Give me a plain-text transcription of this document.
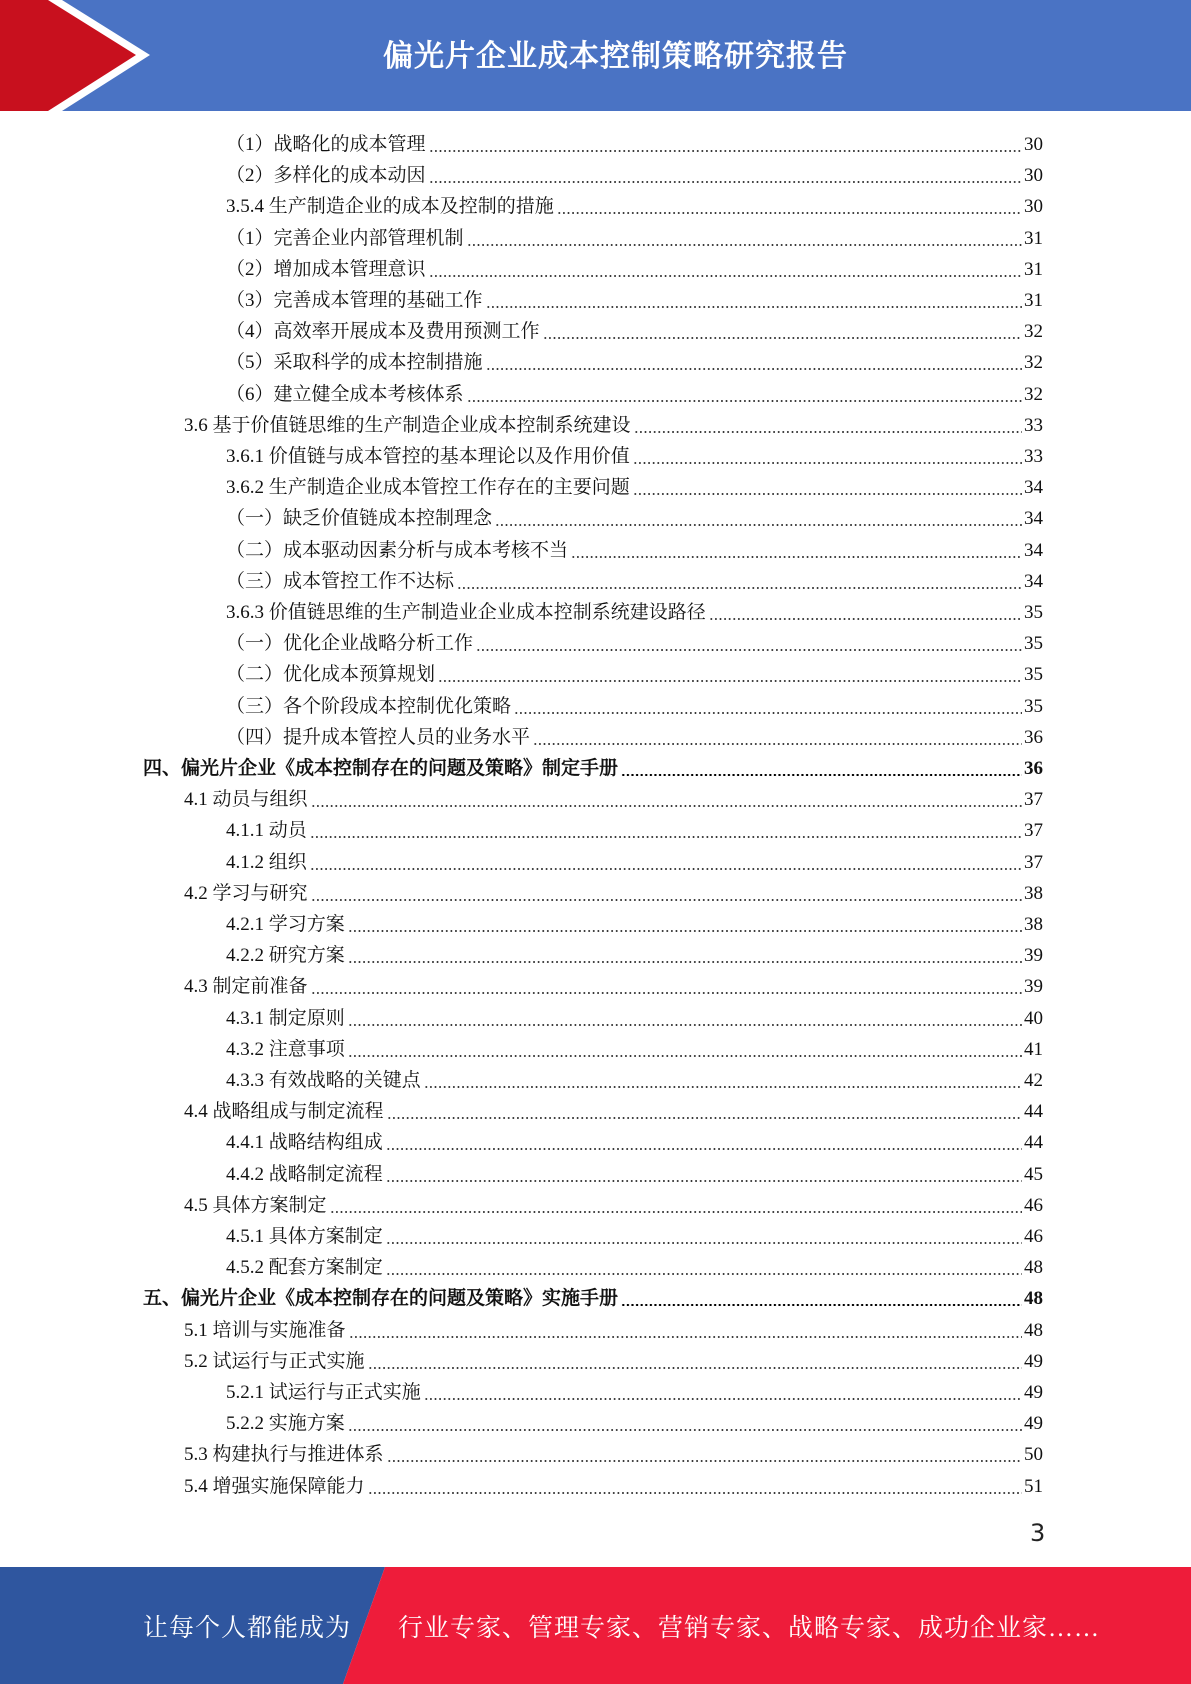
偏光片企业成本控制策略研究报告
（1）战略化的成本管理	30
（2）多样化的成本动因	30
3.5.4 生产制造企业的成本及控制的措施	30
（1）完善企业内部管理机制	31
（2）增加成本管理意识	31
（3）完善成本管理的基础工作	31
（4）高效率开展成本及费用预测工作	32
（5）采取科学的成本控制措施	32
（6）建立健全成本考核体系	32
3.6 基于价值链思维的生产制造企业成本控制系统建设	33
3.6.1 价值链与成本管控的基本理论以及作用价值	33
3.6.2 生产制造企业成本管控工作存在的主要问题	34
（一）缺乏价值链成本控制理念	34
（二）成本驱动因素分析与成本考核不当	34
（三）成本管控工作不达标	34
3.6.3 价值链思维的生产制造业企业成本控制系统建设路径	35
（一）优化企业战略分析工作	35
（二）优化成本预算规划	35
（三）各个阶段成本控制优化策略	35
（四）提升成本管控人员的业务水平	36
四、偏光片企业《成本控制存在的问题及策略》制定手册	36
4.1 动员与组织	37
4.1.1 动员	37
4.1.2 组织	37
4.2 学习与研究	38
4.2.1 学习方案	38
4.2.2 研究方案	39
4.3 制定前准备	39
4.3.1 制定原则	40
4.3.2 注意事项	41
4.3.3 有效战略的关键点	42
4.4 战略组成与制定流程	44
4.4.1 战略结构组成	44
4.4.2 战略制定流程	45
4.5 具体方案制定	46
4.5.1 具体方案制定	46
4.5.2 配套方案制定	48
五、偏光片企业《成本控制存在的问题及策略》实施手册	48
5.1 培训与实施准备	48
5.2 试运行与正式实施	49
5.2.1 试运行与正式实施	49
5.2.2 实施方案	49
5.3 构建执行与推进体系	50
5.4 增强实施保障能力	51
3
让每个人都能成为 行业专家、管理专家、营销专家、战略专家、成功企业家……
